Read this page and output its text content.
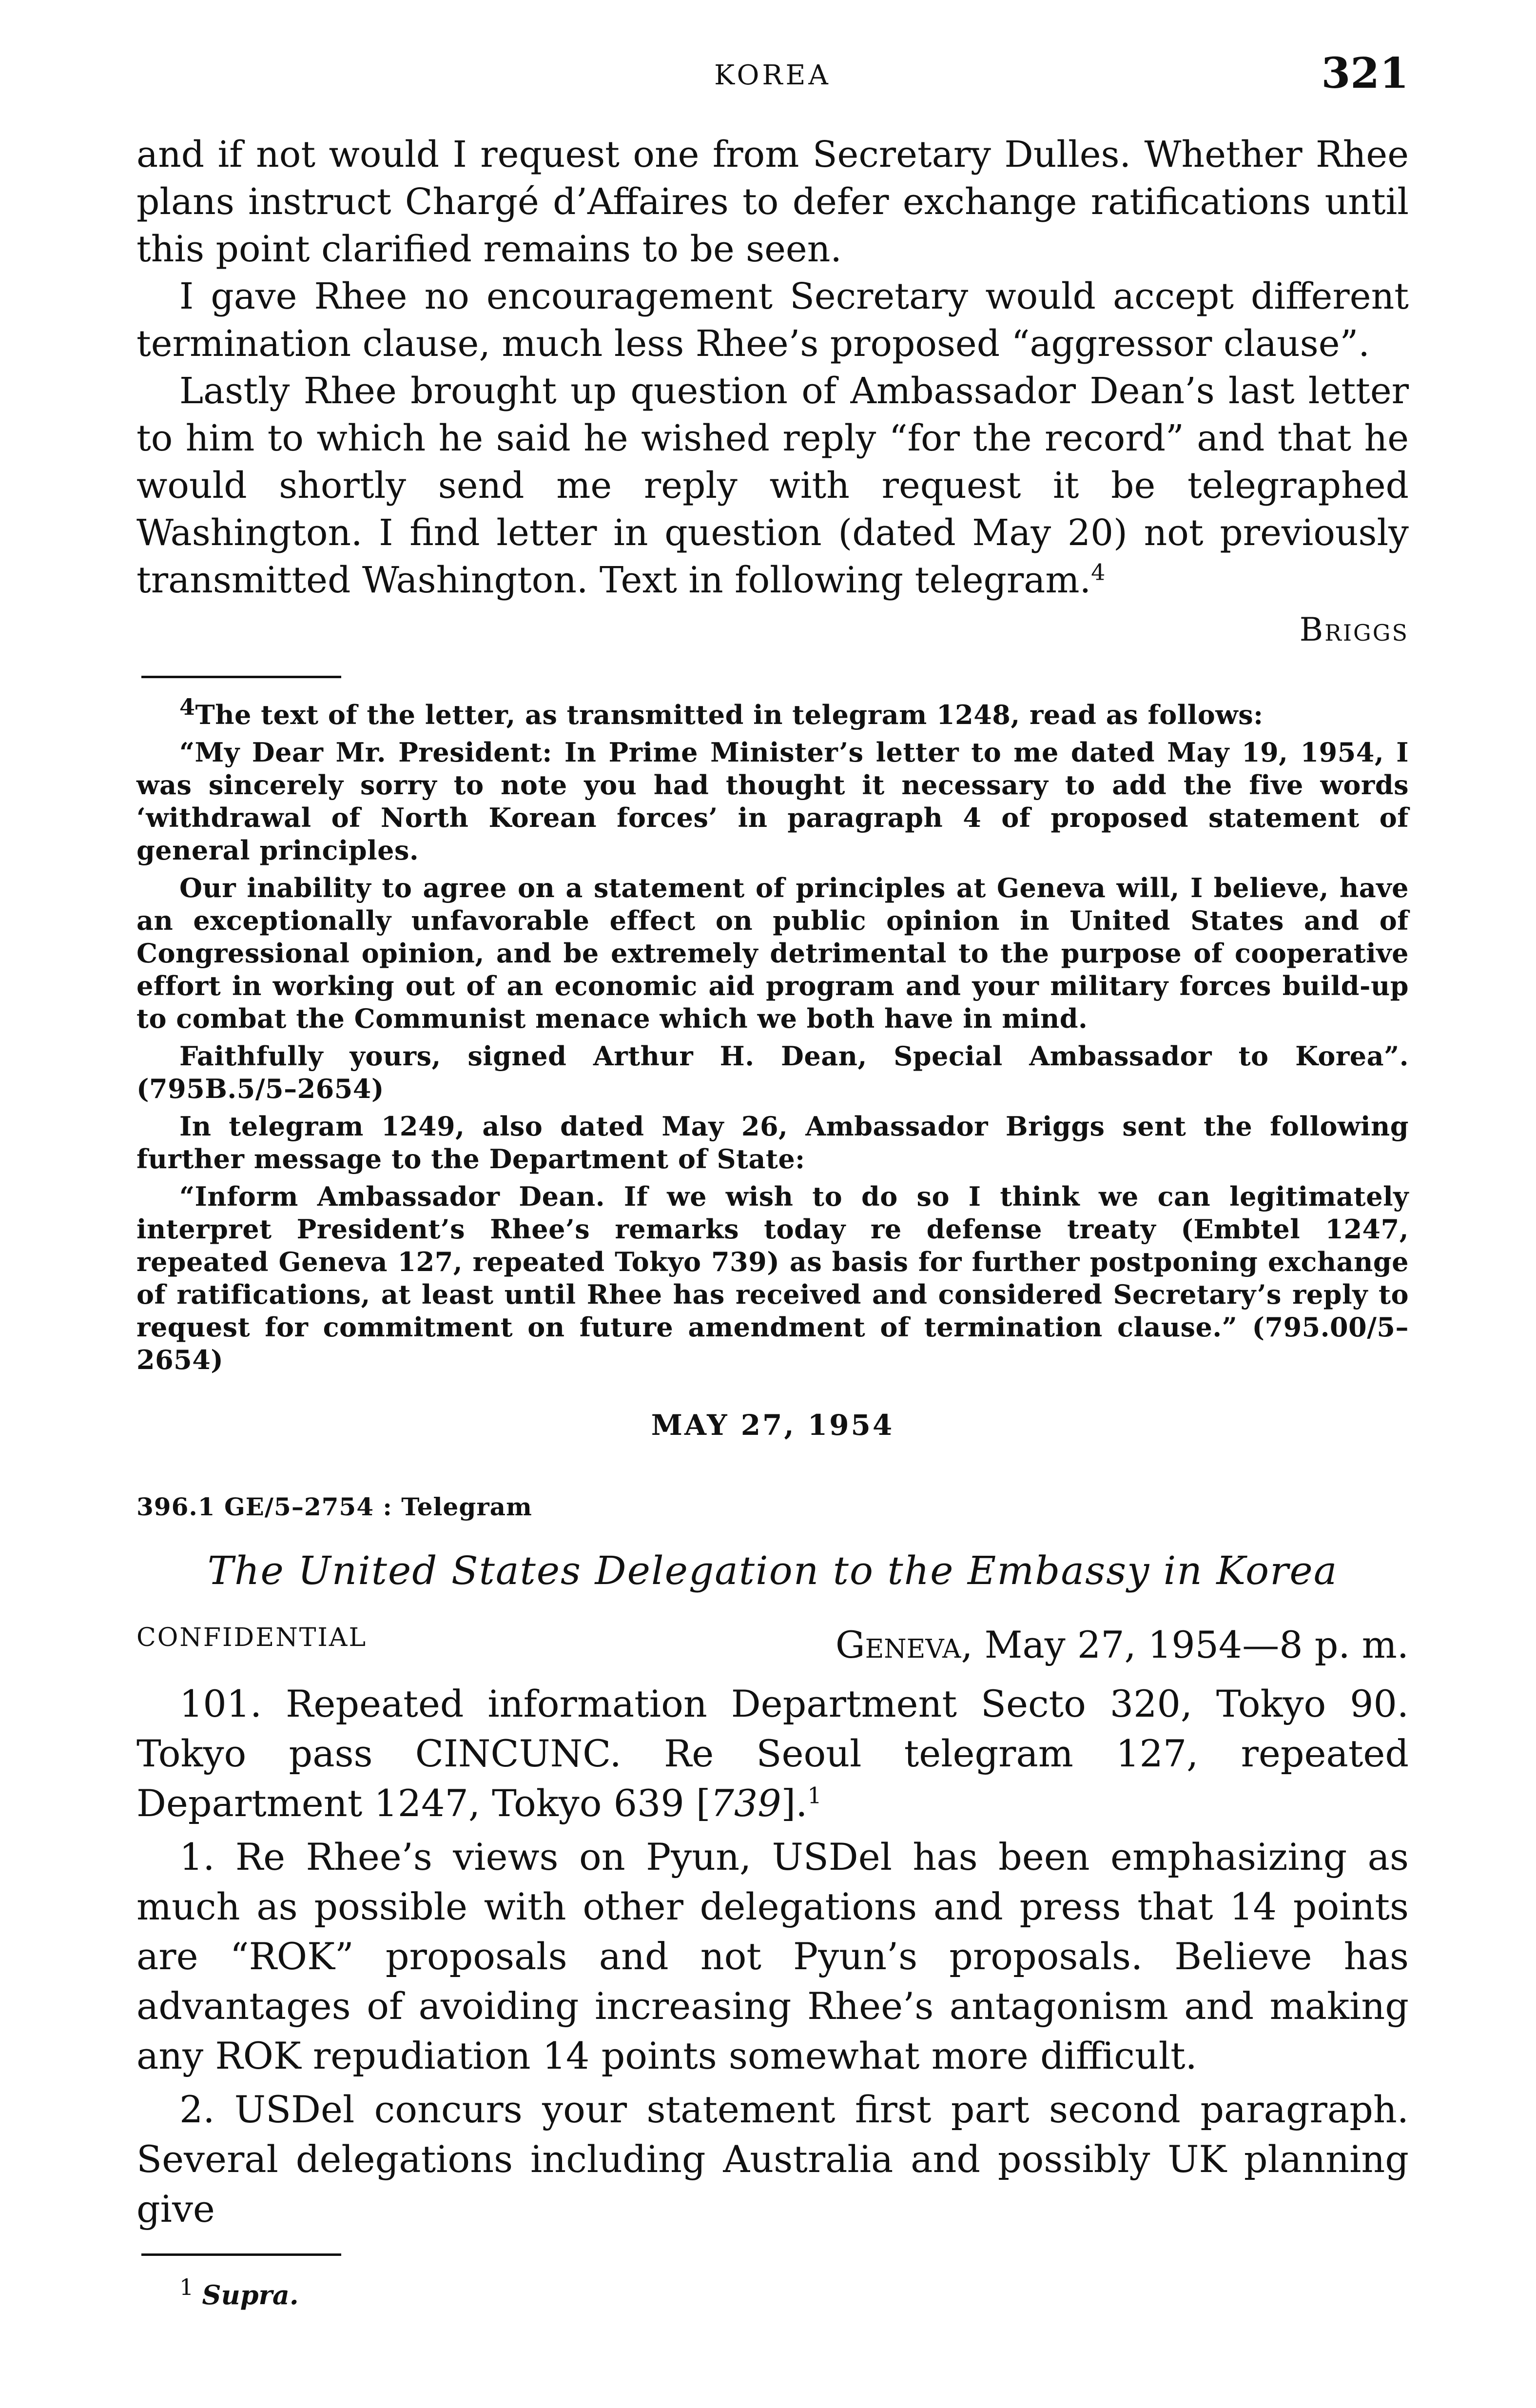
KOREA	321

and if not would I request one from Secretary Dulles. Whether Rhee plans instruct Chargé d’Affaires to defer exchange ratifications until this point clarified remains to be seen.

I gave Rhee no encouragement Secretary would accept different termination clause, much less Rhee’s proposed “aggressor clause”.

Lastly Rhee brought up question of Ambassador Dean’s last letter to him to which he said he wished reply “for the record” and that he would shortly send me reply with request it be telegraphed Washington. I find letter in question (dated May 20) not previously transmitted Washington. Text in following telegram.$^4$

Briggs

$^4$The text of the letter, as transmitted in telegram 1248, read as follows:

“My Dear Mr. President: In Prime Minister’s letter to me dated May 19, 1954, I was sincerely sorry to note you had thought it necessary to add the five words ‘withdrawal of North Korean forces’ in paragraph 4 of proposed statement of general principles.

Our inability to agree on a statement of principles at Geneva will, I believe, have an exceptionally unfavorable effect on public opinion in United States and of Congressional opinion, and be extremely detrimental to the purpose of cooperative effort in working out of an economic aid program and your military forces build-up to combat the Communist menace which we both have in mind.

Faithfully yours, signed Arthur H. Dean, Special Ambassador to Korea”. (795B.5/5–2654)

In telegram 1249, also dated May 26, Ambassador Briggs sent the following further message to the Department of State:

“Inform Ambassador Dean. If we wish to do so I think we can legitimately interpret President’s Rhee’s remarks today re defense treaty (Embtel 1247, repeated Geneva 127, repeated Tokyo 739) as basis for further postponing exchange of ratifications, at least until Rhee has received and considered Secretary’s reply to request for commitment on future amendment of termination clause.” (795.00/5–2654)

MAY 27, 1954
396.1 GE/5–2754 : Telegram
The United States Delegation to the Embassy in Korea
CONFIDENTIAL	Geneva, May 27, 1954—8 p. m.

101. Repeated information Department Secto 320, Tokyo 90. Tokyo pass CINCUNC. Re Seoul telegram 127, repeated Department 1247, Tokyo 639 [739].$^1$

1. Re Rhee’s views on Pyun, USDel has been emphasizing as much as possible with other delegations and press that 14 points are “ROK” proposals and not Pyun’s proposals. Believe has advantages of avoiding increasing Rhee’s antagonism and making any ROK repudiation 14 points somewhat more difficult.

2. USDel concurs your statement first part second paragraph. Several delegations including Australia and possibly UK planning give

$^1$ Supra.
